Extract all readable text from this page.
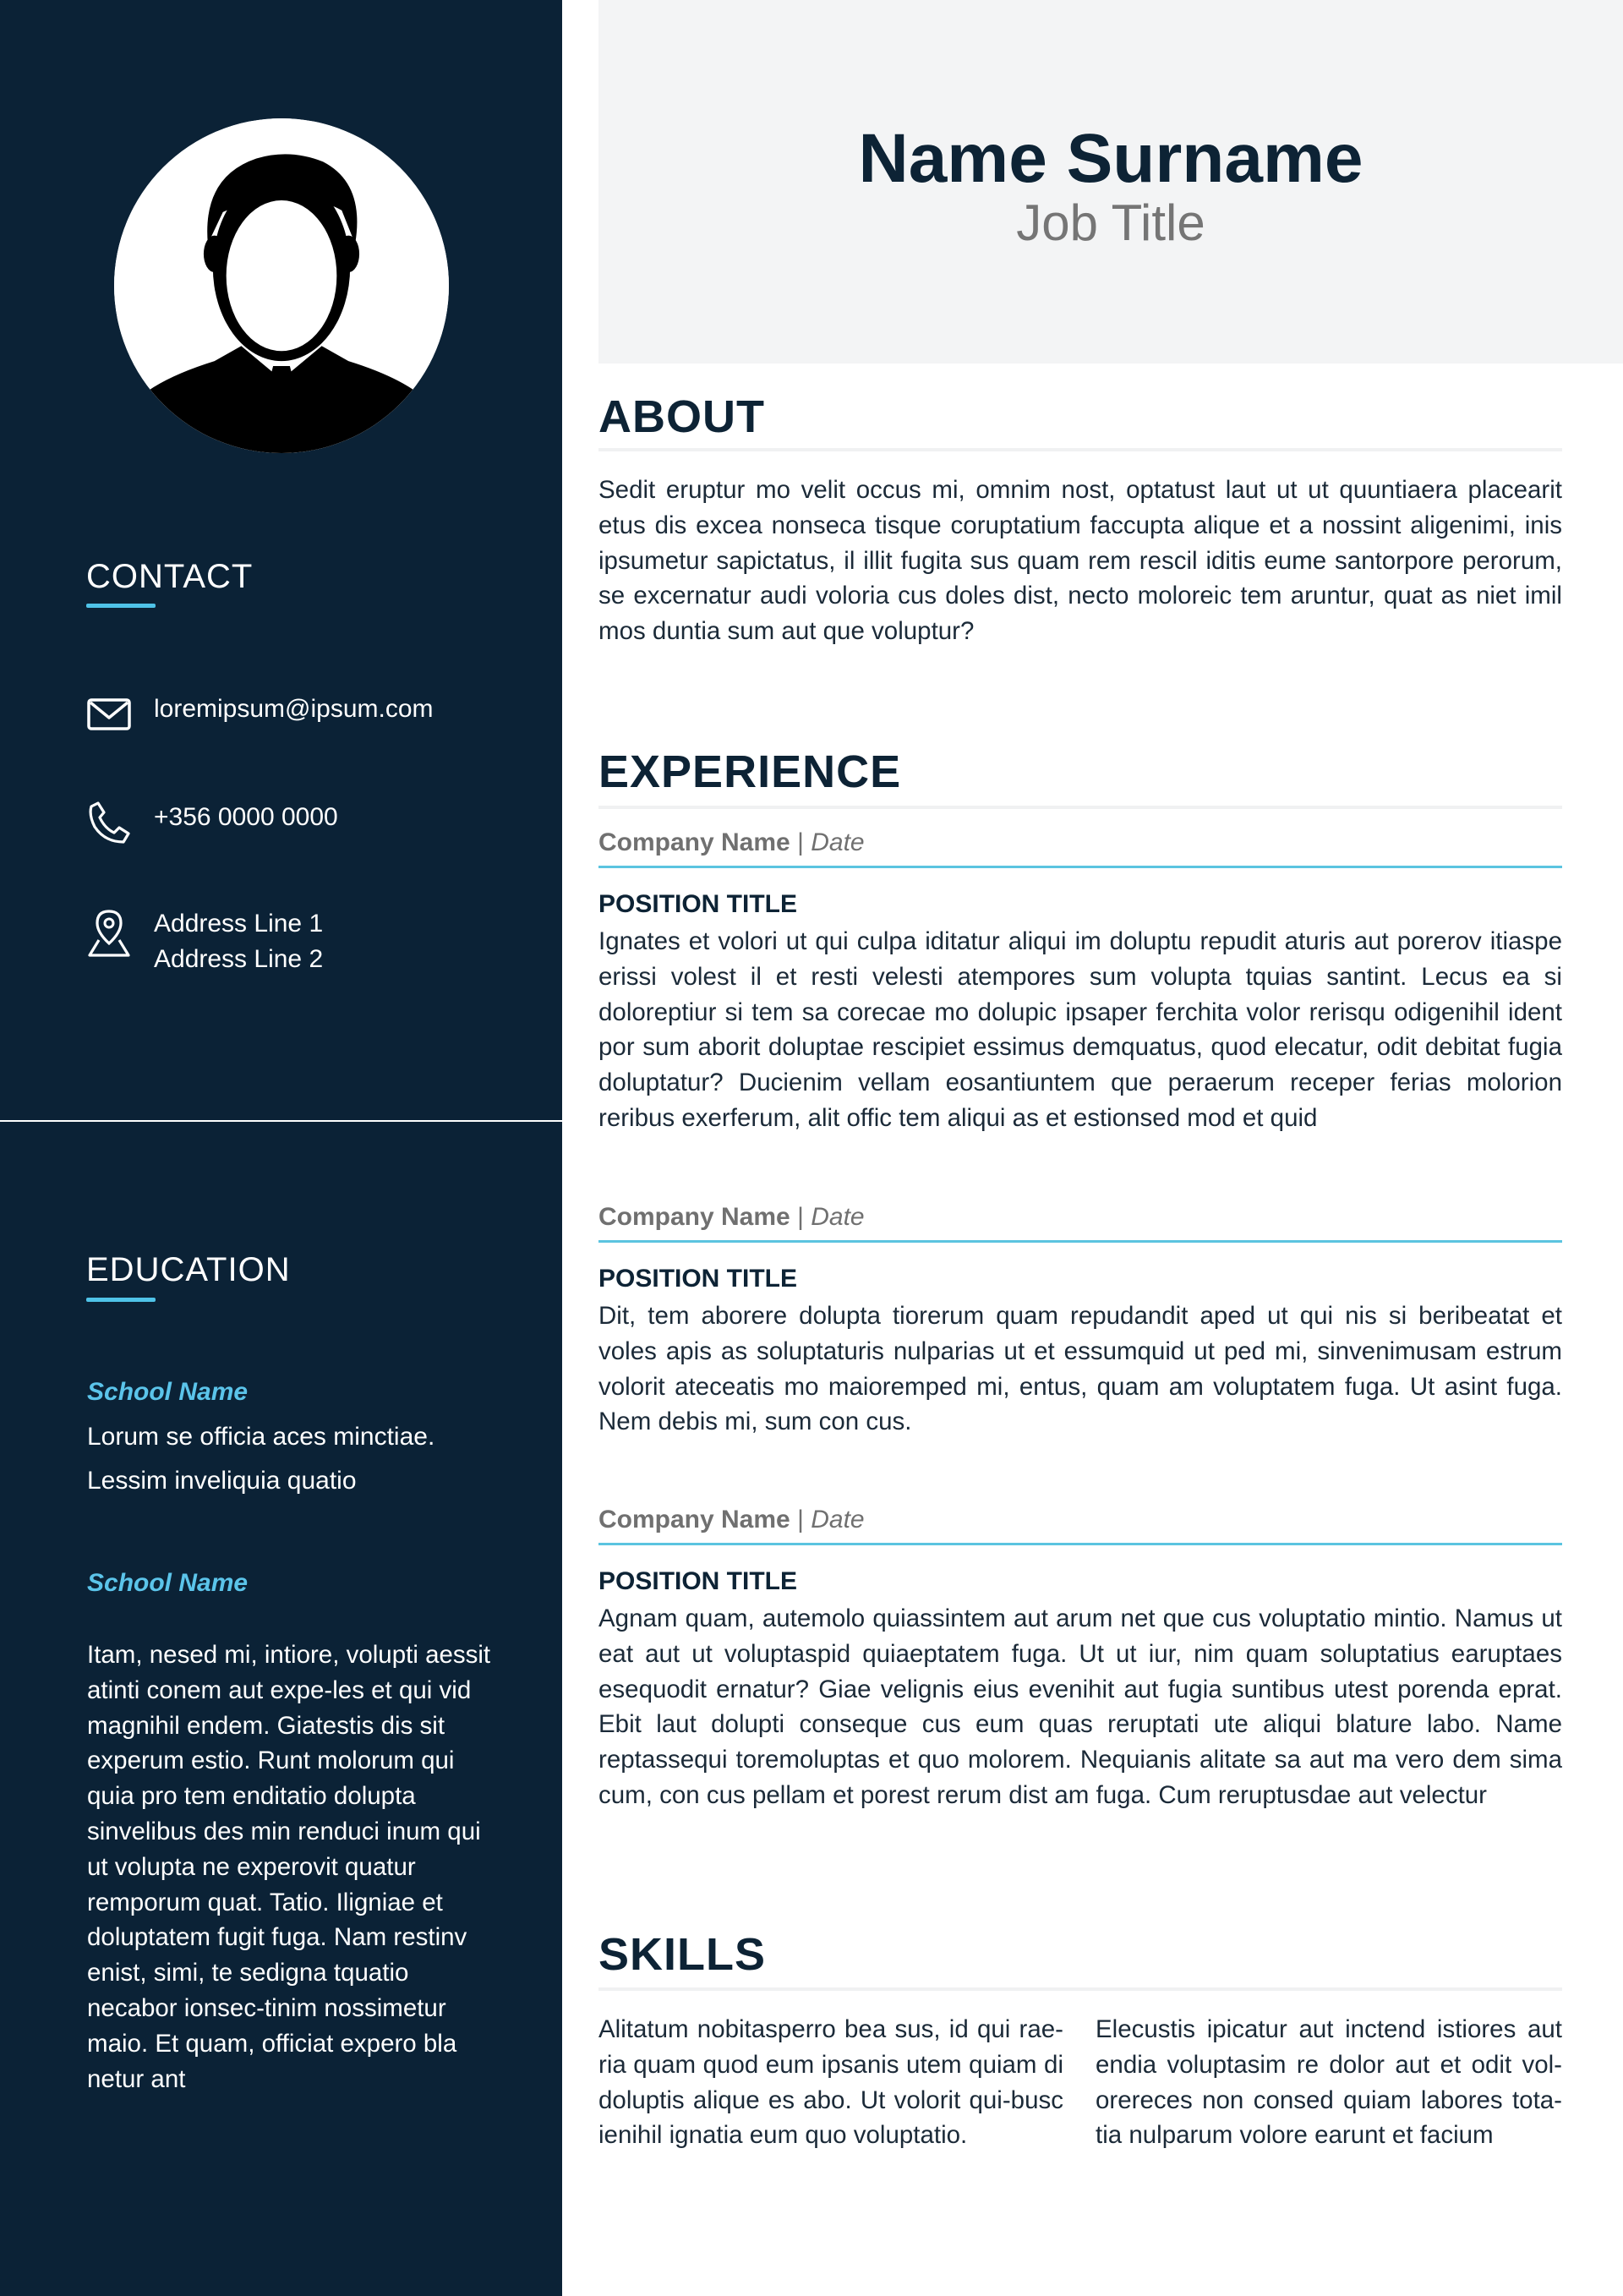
CONTACT
loremipsum@ipsum.com
+356 0000 0000
Address Line 1
Address Line 2
EDUCATION
School Name
Lorum se officia aces minctiae.
Lessim inveliquia quatio
School Name
Itam, nesed mi, intiore, volupti aessit atinti conem aut expe-les et qui vid magnihil endem. Giatestis dis sit experum estio. Runt molorum qui quia pro tem enditatio dolupta sinvelibus des min renduci inum qui ut volupta ne experovit quatur remporum quat. Tatio. Iligniae et doluptatem fugit fuga. Nam restinv enist, simi, te sedigna tquatio necabor ionsec-tinim nossimetur maio. Et quam, officiat expero bla netur ant
Name Surname
Job Title
ABOUT
Sedit eruptur mo velit occus mi, omnim nost, optatust laut ut ut quuntiaera placearit etus dis excea nonseca tisque coruptatium faccupta alique et a nossint aligenimi, inis ipsumetur sapictatus, il illit fugita sus quam rem rescil iditis eume santorpore perorum, se excernatur audi voloria cus doles dist, necto moloreic tem aruntur, quat as niet imil mos duntia sum aut que voluptur?
EXPERIENCE
Company Name | Date
POSITION TITLE
Ignates et volori ut qui culpa iditatur aliqui im doluptu repudit aturis aut porerov itiaspe erissi volest il et resti velesti atempores sum volupta tquias santint. Lecus ea si doloreptiur si tem sa corecae mo dolupic ipsaper ferchita volor rerisqu odigenihil ident por sum aborit doluptae rescipiet essimus demquatus, quod elecatur, odit debitat fugia doluptatur? Ducienim vellam eosantiuntem que peraerum receper ferias molorion reribus exerferum, alit offic tem aliqui as et estionsed mod et quid
Company Name | Date
POSITION TITLE
Dit, tem aborere dolupta tiorerum quam repudandit aped ut qui nis si beribeatat et voles apis as soluptaturis nulparias ut et essumquid ut ped mi, sinvenimusam estrum volorit ateceatis mo maioremped mi, entus, quam am voluptatem fuga. Ut asint fuga. Nem debis mi, sum con cus.
Company Name | Date
POSITION TITLE
Agnam quam, autemolo quiassintem aut arum net que cus voluptatio mintio. Namus ut eat aut ut voluptaspid quiaeptatem fuga. Ut ut iur, nim quam soluptatius earuptaes esequodit ernatur? Giae velignis eius evenihit aut fugia suntibus utest porenda eprat. Ebit laut dolupti conseque cus eum quas reruptati ute aliqui blature labo. Name reptassequi toremoluptas et quo molorem. Nequianis alitate sa aut ma vero dem sima cum, con cus pellam et porest rerum dist am fuga. Cum reruptusdae aut velectur
SKILLS
Alitatum nobitasperro bea sus, id qui rae-ria quam quod eum ipsanis utem quiam di doluptis alique es abo. Ut volorit qui-busc ienihil ignatia eum quo voluptatio.
Elecustis ipicatur aut inctend istiores aut endia voluptasim re dolor aut et odit vol-orereces non consed quiam labores tota-tia nulparum volore earunt et facium
